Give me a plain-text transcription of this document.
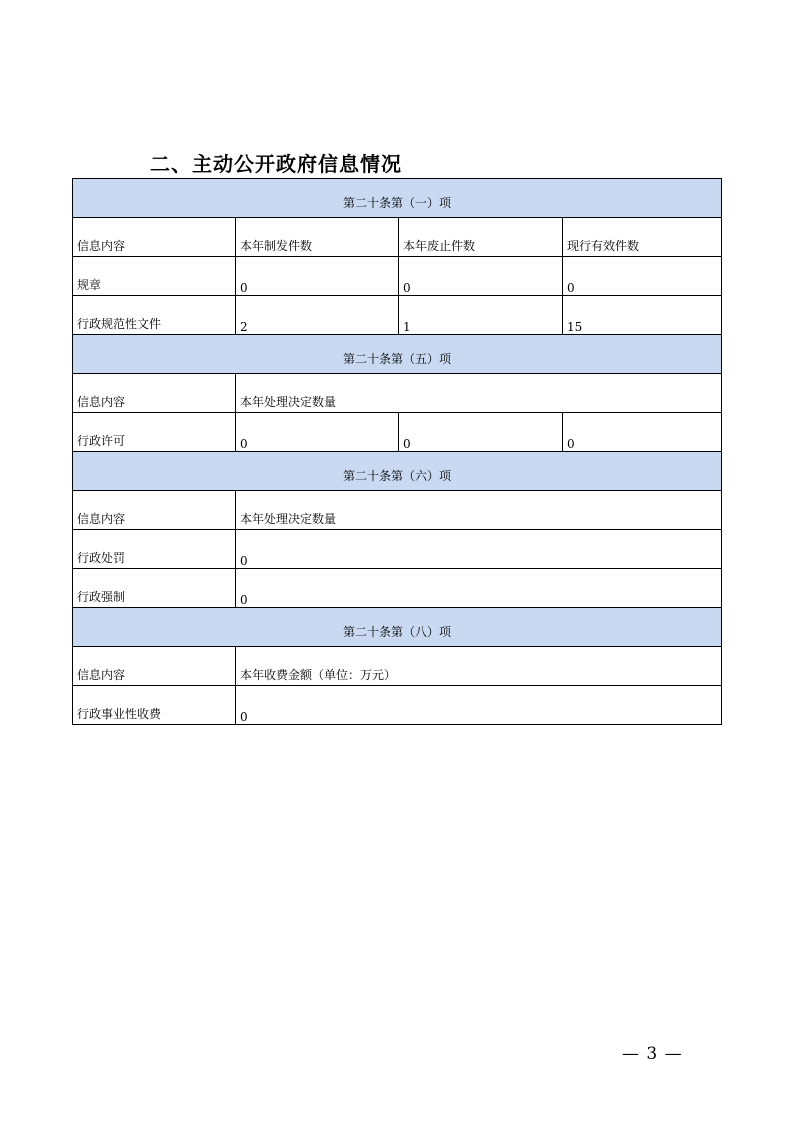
二、主动公开政府信息情况
第二十条第（一）项			
信息内容	本年制发件数	本年废止件数	现行有效件数
规章	0	0	0
行政规范性文件	2	1	15
第二十条第（五）项			
信息内容	本年处理决定数量		
行政许可	0	0	0
第二十条第（六）项			
信息内容	本年处理决定数量		
行政处罚	0		
行政强制	0		
第二十条第（八）项			
信息内容	本年收费金额（单位：万元）		
行政事业性收费	0		
— 3 —
